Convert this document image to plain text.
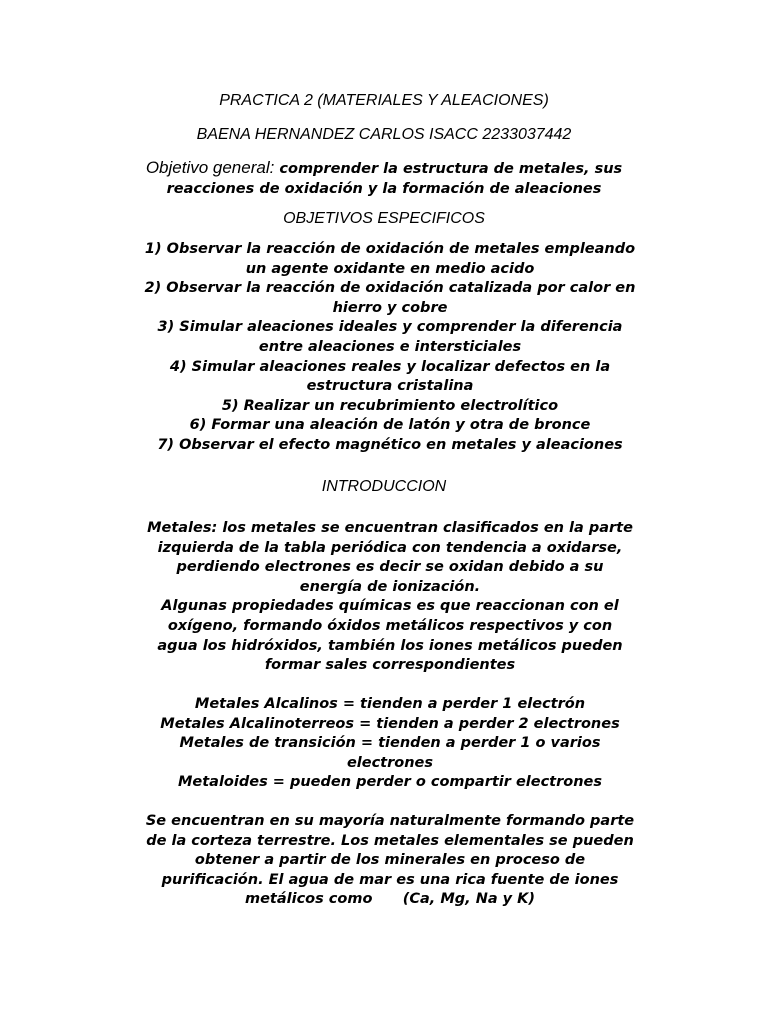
PRACTICA 2 (MATERIALES Y ALEACIONES)
BAENA HERNANDEZ CARLOS ISACC 2233037442
Objetivo general: comprender la estructura de metales, sus
reacciones de oxidación y la formación de aleaciones
OBJETIVOS ESPECIFICOS

1) Observar la reacción de oxidación de metales empleando

un agente oxidante en medio acido

2) Observar la reacción de oxidación catalizada por calor en

hierro y cobre

3) Simular aleaciones ideales y comprender la diferencia

entre aleaciones e intersticiales

4) Simular aleaciones reales y localizar defectos en la

estructura cristalina

5) Realizar un recubrimiento electrolítico

6) Formar una aleación de latón y otra de bronce

7) Observar el efecto magnético en metales y aleaciones

INTRODUCCION

Metales: los metales se encuentran clasificados en la parte

izquierda de la tabla periódica con tendencia a oxidarse,

perdiendo electrones es decir se oxidan debido a su

energía de ionización.

Algunas propiedades químicas es que reaccionan con el

oxígeno, formando óxidos metálicos respectivos y con

agua los hidróxidos, también los iones metálicos pueden

formar sales correspondientes

Metales Alcalinos = tienden a perder 1 electrón

Metales Alcalinoterreos = tienden a perder 2 electrones

Metales de transición = tienden a perder 1 o varios

electrones

Metaloides = pueden perder o compartir electrones

Se encuentran en su mayoría naturalmente formando parte

de la corteza terrestre. Los metales elementales se pueden

obtener a partir de los minerales en proceso de

purificación. El agua de mar es una rica fuente de iones

metálicos como      (Ca, Mg, Na y K)
